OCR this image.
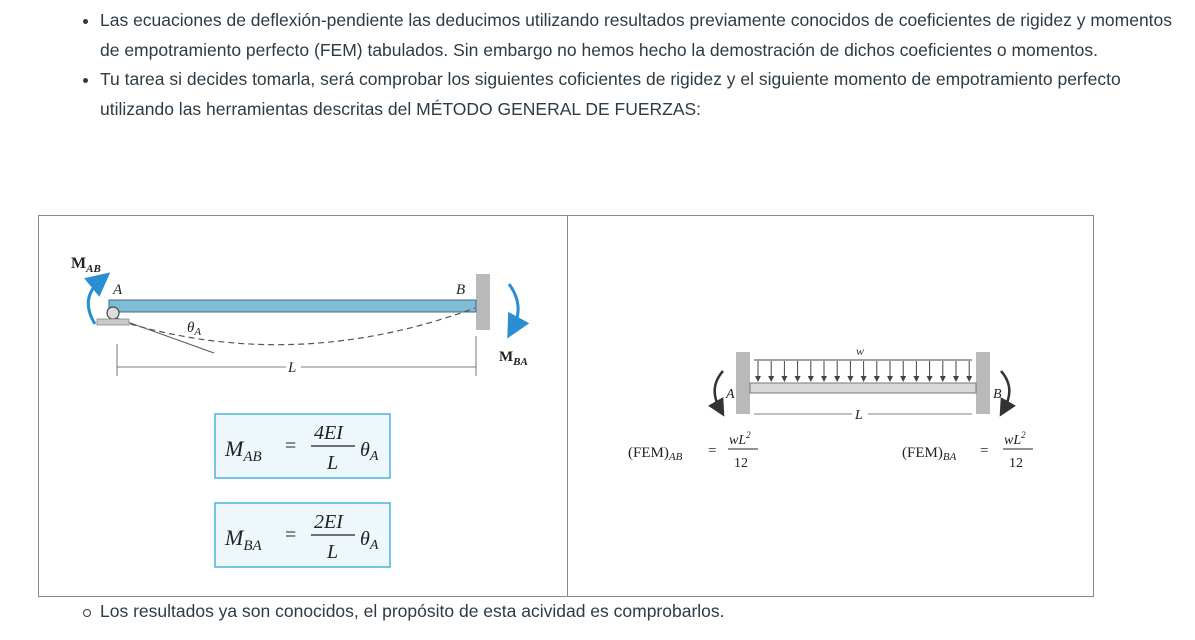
• Las ecuaciones de deflexión-pendiente las deducimos utilizando resultados previamente conocidos de coeficientes de rigidez y momentos de empotramiento perfecto (FEM) tabulados. Sin embargo no hemos hecho la demostración de dichos coeficientes o momentos.
• Tu tarea si decides tomarla, será comprobar los siguientes coficientes de rigidez y el siguiente momento de empotramiento perfecto utilizando las herramientas descritas del MÉTODO GENERAL DE FUERZAS:
$M_{AB}$
A	B
$\theta_A$
L
$M_{BA}$
$M_{AB}$ =
4EI
L
$\theta_A$
$M_{BA}$ =
2EI
L
$\theta_A$
w
A	B
L
$(FEM)_{AB}$ =
$wL^2$
12
$(FEM)_{BA}$ =
$wL^2$
12
Los resultados ya son conocidos, el propósito de esta acividad es comprobarlos.
